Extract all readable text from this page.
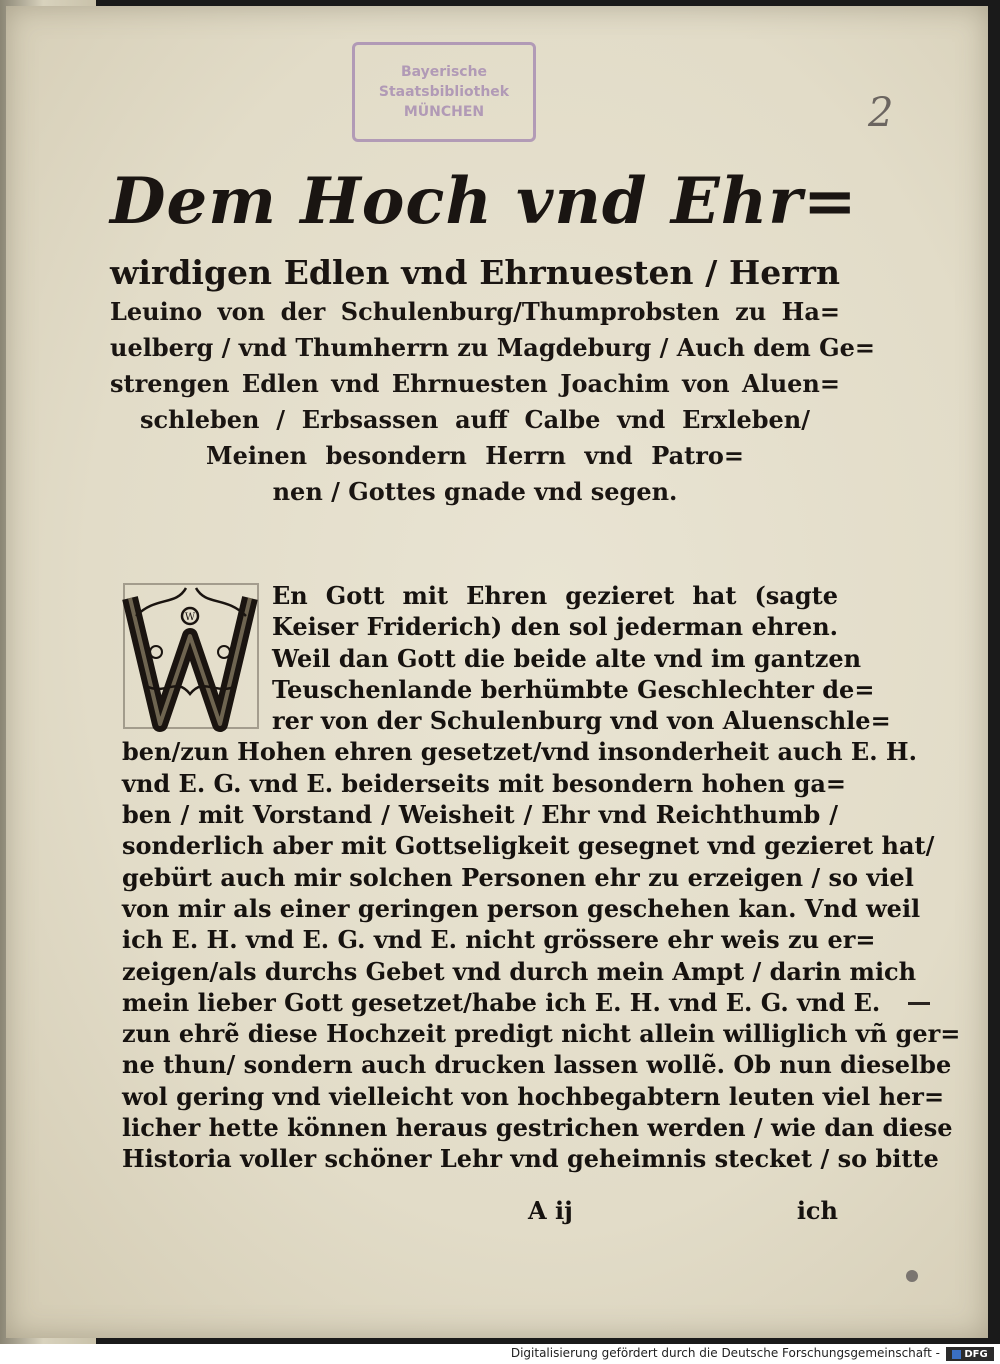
Bayerische
Staatsbibliothek
MÜNCHEN	2
Dem Hoch vnd Ehr=
wirdigen Edlen vnd Ehrnuesten / Herrn
Leuino von der Schulenburg/Thumprobsten zu Ha=
uelberg / vnd Thumherrn zu Magdeburg / Auch dem Ge=
strengen Edlen vnd Ehrnuesten Joachim von Aluen=
schleben / Erbsassen auff Calbe vnd Erxleben/
Meinen besondern Herrn vnd Patro=
nen / Gottes gnade vnd segen.
W
En Gott mit Ehren gezieret hat (sagte
Keiser Friderich) den sol jederman ehren.
Weil dan Gott die beide alte vnd im gantzen
Teuschenlande berhümbte Geschlechter de=
rer von der Schulenburg vnd von Aluenschle=
ben/zun Hohen ehren gesetzet/vnd insonderheit auch E. H.
vnd E. G. vnd E. beiderseits mit besondern hohen ga=
ben / mit Vorstand / Weisheit / Ehr vnd Reichthumb /
sonderlich aber mit Gottseligkeit gesegnet vnd gezieret hat/
gebürt auch mir solchen Personen ehr zu erzeigen / so viel
von mir als einer geringen person geschehen kan. Vnd weil
ich E. H. vnd E. G. vnd E. nicht grössere ehr weis zu er=
zeigen/als durchs Gebet vnd durch mein Ampt / darin mich
mein lieber Gott gesetzet/habe ich E. H. vnd E. G. vnd E.
zun ehrẽ diese Hochzeit predigt nicht allein williglich vñ ger=
ne thun/ sondern auch drucken lassen wollẽ. Ob nun dieselbe
wol gering vnd vielleicht von hochbegabtern leuten viel her=
licher hette können heraus gestrichen werden / wie dan diese
Historia voller schöner Lehr vnd geheimnis stecket / so bitte
A ij	ich
Digitalisierung gefördert durch die Deutsche Forschungsgemeinschaft - DFG
